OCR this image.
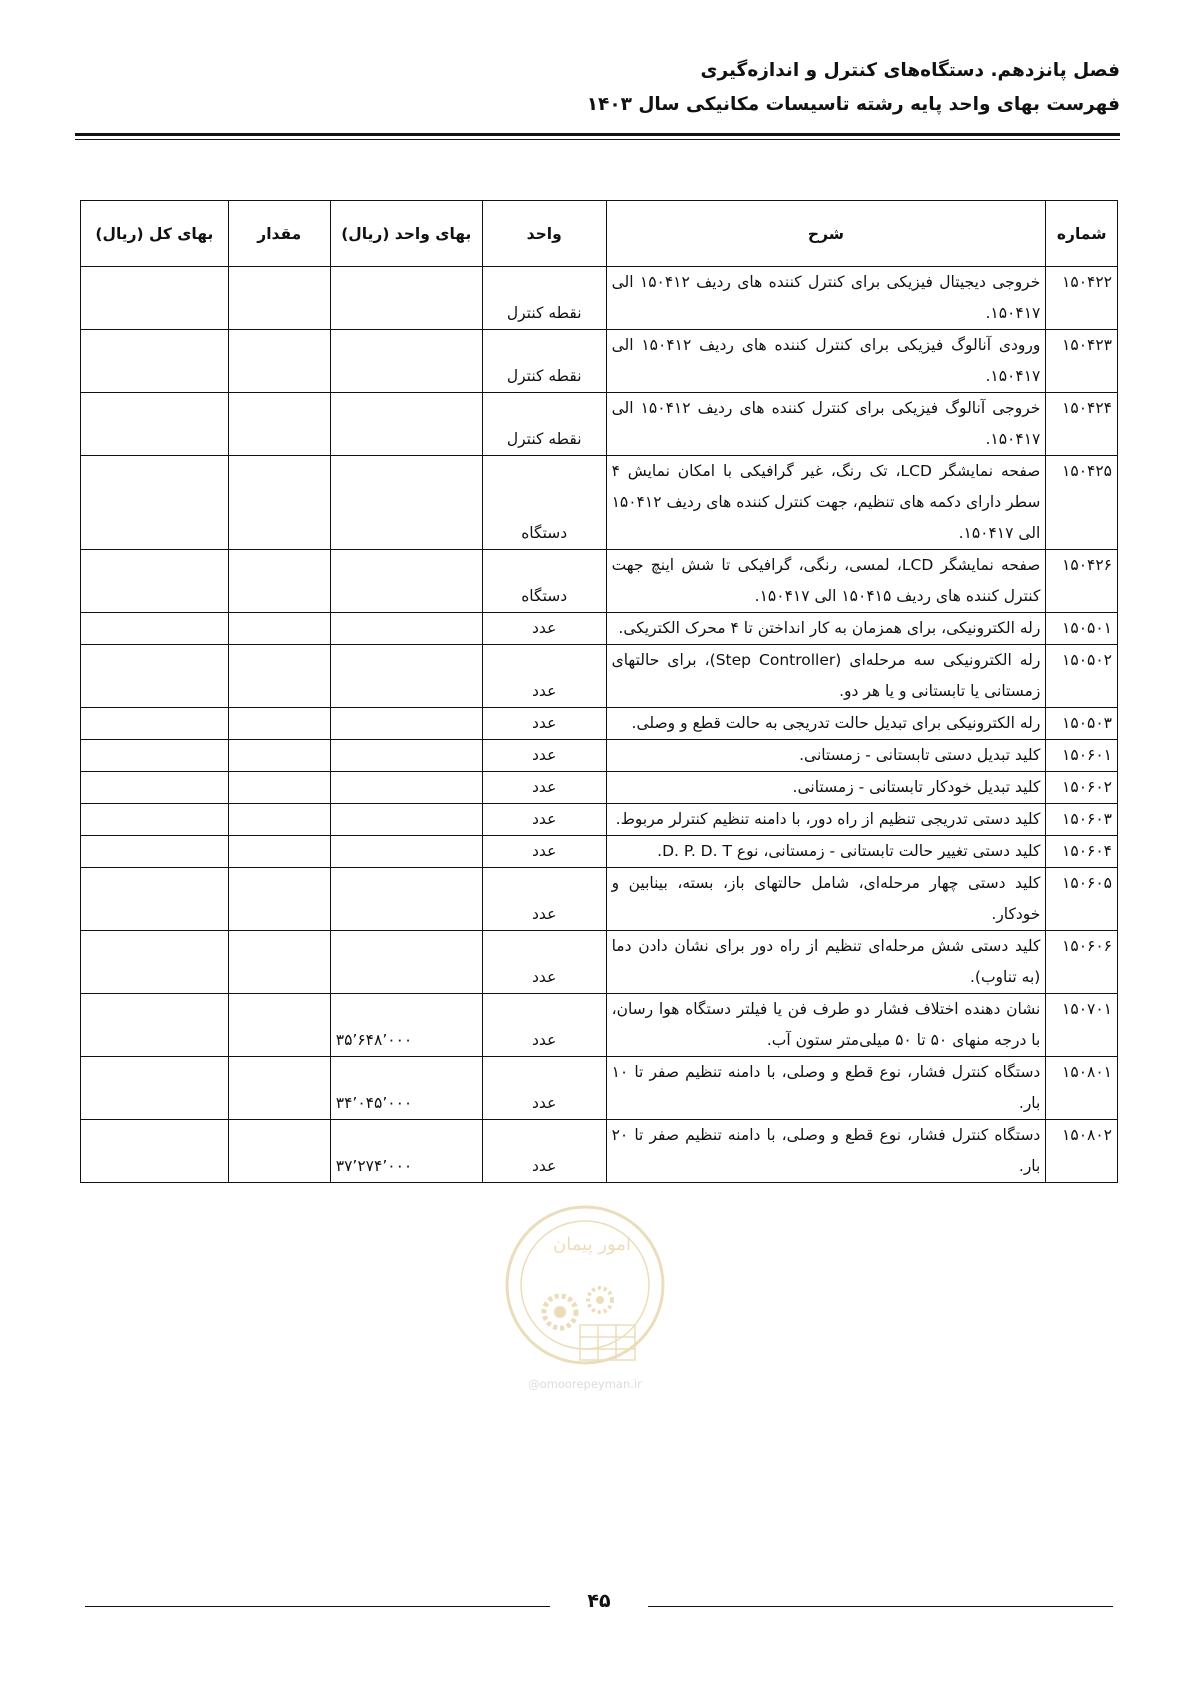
فصل پانزدهم. دستگاه‌های کنترل و اندازه‌گیری

فهرست بهای واحد پایه رشته تاسیسات مکانیکی سال ۱۴۰۳

شماره	شرح	واحد	بهای واحد (ریال)	مقدار	بهای کل (ریال)
۱۵۰۴۲۲	خروجی دیجیتال فیزیکی برای کنترل کننده های ردیف ۱۵۰۴۱۲ الی ۱۵۰۴۱۷.	نقطه کنترل			
۱۵۰۴۲۳	ورودی آنالوگ فیزیکی برای کنترل کننده های ردیف ۱۵۰۴۱۲ الی ۱۵۰۴۱۷.	نقطه کنترل			
۱۵۰۴۲۴	خروجی آنالوگ فیزیکی برای کنترل کننده های ردیف ۱۵۰۴۱۲ الی ۱۵۰۴۱۷.	نقطه کنترل			
۱۵۰۴۲۵	صفحه نمایشگر LCD، تک رنگ، غیر گرافیکی با امکان نمایش ۴ سطر دارای دکمه های تنظیم، جهت کنترل کننده های ردیف ۱۵۰۴۱۲ الی ۱۵۰۴۱۷.	دستگاه			
۱۵۰۴۲۶	صفحه نمایشگر LCD، لمسی، رنگی، گرافیکی تا شش اینچ جهت کنترل کننده های ردیف ۱۵۰۴۱۵ الی ۱۵۰۴۱۷.	دستگاه			
۱۵۰۵۰۱	رله الکترونیکی، برای همزمان به کار انداختن تا ۴ محرک الکتریکی.	عدد			
۱۵۰۵۰۲	رله الکترونیکی سه مرحله‌ای (Step Controller)، برای حالتهای زمستانی یا تابستانی و یا هر دو.	عدد			
۱۵۰۵۰۳	رله الکترونیکی برای تبدیل حالت تدریجی به حالت قطع و وصلی.	عدد			
۱۵۰۶۰۱	کلید تبدیل دستی تابستانی - زمستانی.	عدد			
۱۵۰۶۰۲	کلید تبدیل خودکار تابستانی - زمستانی.	عدد			
۱۵۰۶۰۳	کلید دستی تدریجی تنظیم از راه دور، با دامنه تنظیم کنترلر مربوط.	عدد			
۱۵۰۶۰۴	کلید دستی تغییر حالت تابستانی - زمستانی، نوع D. P. D. T.	عدد			
۱۵۰۶۰۵	کلید دستی چهار مرحله‌ای، شامل حالتهای باز، بسته، بینابین و خودکار.	عدد			
۱۵۰۶۰۶	کلید دستی شش مرحله‌ای تنظیم از راه دور برای نشان دادن دما (به تناوب).	عدد			
۱۵۰۷۰۱	نشان دهنده اختلاف فشار دو طرف فن یا فیلتر دستگاه هوا رسان، با درجه منهای ۵۰ تا ۵۰ میلی‌متر ستون آب.	عدد	۳۵٬۶۴۸٬۰۰۰		
۱۵۰۸۰۱	دستگاه کنترل فشار، نوع قطع و وصلی، با دامنه تنظیم صفر تا ۱۰ بار.	عدد	۳۴٬۰۴۵٬۰۰۰		
۱۵۰۸۰۲	دستگاه کنترل فشار، نوع قطع و وصلی، با دامنه تنظیم صفر تا ۲۰ بار.	عدد	۳۷٬۲۷۴٬۰۰۰		
امور پیمان
@omoorepeyman.ir
۴۵
